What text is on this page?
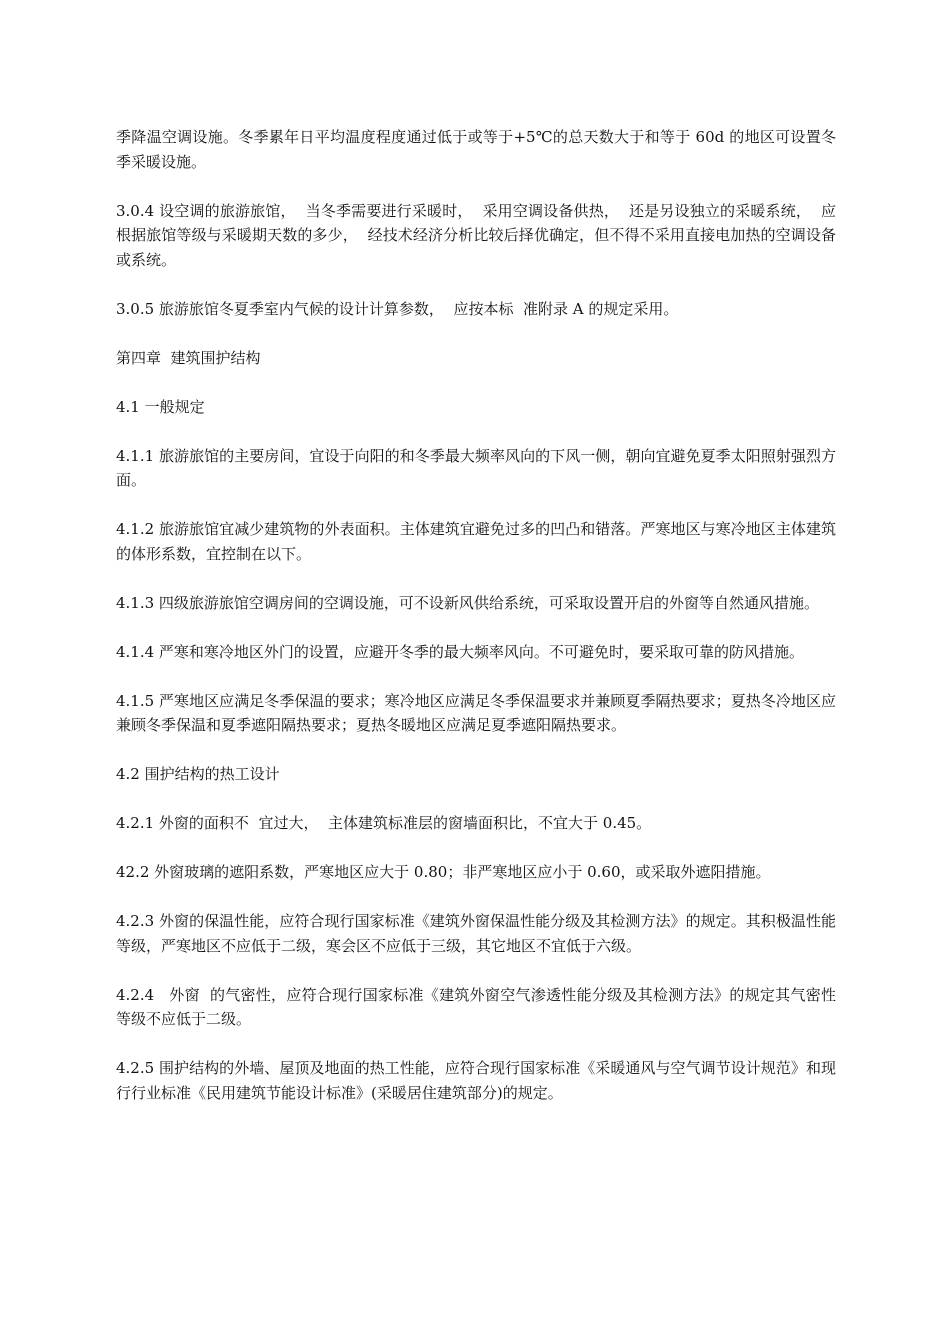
季降温空调设施。冬季累年日平均温度程度通过低于或等于+5℃的总天数大于和等于 60d 的地区可设置冬季采暖设施。

3.0.4 设空调的旅游旅馆，  当冬季需要进行采暖时，  采用空调设备供热，  还是另设独立的采暖系统，  应根据旅馆等级与采暖期天数的多少，  经技术经济分析比较后择优确定，但不得不采用直接电加热的空调设备或系统。

3.0.5 旅游旅馆冬夏季室内气候的设计计算参数，  应按本标  准附录 A 的规定采用。

第四章  建筑围护结构

4.1 一般规定

4.1.1 旅游旅馆的主要房间，宜设于向阳的和冬季最大频率风向的下风一侧，朝向宜避免夏季太阳照射强烈方面。

4.1.2 旅游旅馆宜减少建筑物的外表面积。主体建筑宜避免过多的凹凸和错落。严寒地区与寒冷地区主体建筑的体形系数，宜控制在以下。

4.1.3 四级旅游旅馆空调房间的空调设施，可不设新风供给系统，可采取设置开启的外窗等自然通风措施。

4.1.4 严寒和寒冷地区外门的设置，应避开冬季的最大频率风向。不可避免时，要采取可靠的防风措施。

4.1.5 严寒地区应满足冬季保温的要求；寒冷地区应满足冬季保温要求并兼顾夏季隔热要求；夏热冬冷地区应兼顾冬季保温和夏季遮阳隔热要求；夏热冬暖地区应满足夏季遮阳隔热要求。

4.2 围护结构的热工设计

4.2.1 外窗的面积不  宜过大，  主体建筑标准层的窗墙面积比，不宜大于 0.45。

42.2 外窗玻璃的遮阳系数，严寒地区应大于 0.80；非严寒地区应小于 0.60，或采取外遮阳措施。

4.2.3 外窗的保温性能，应符合现行国家标准《建筑外窗保温性能分级及其检测方法》的规定。其积极温性能等级，严寒地区不应低于二级，寒会区不应低于三级，其它地区不宜低于六级。

4.2.4   外窗  的气密性，应符合现行国家标准《建筑外窗空气渗透性能分级及其检测方法》的规定其气密性等级不应低于二级。

4.2.5 围护结构的外墙、屋顶及地面的热工性能，应符合现行国家标准《采暖通风与空气调节设计规范》和现行行业标准《民用建筑节能设计标准》(采暖居住建筑部分)的规定。
